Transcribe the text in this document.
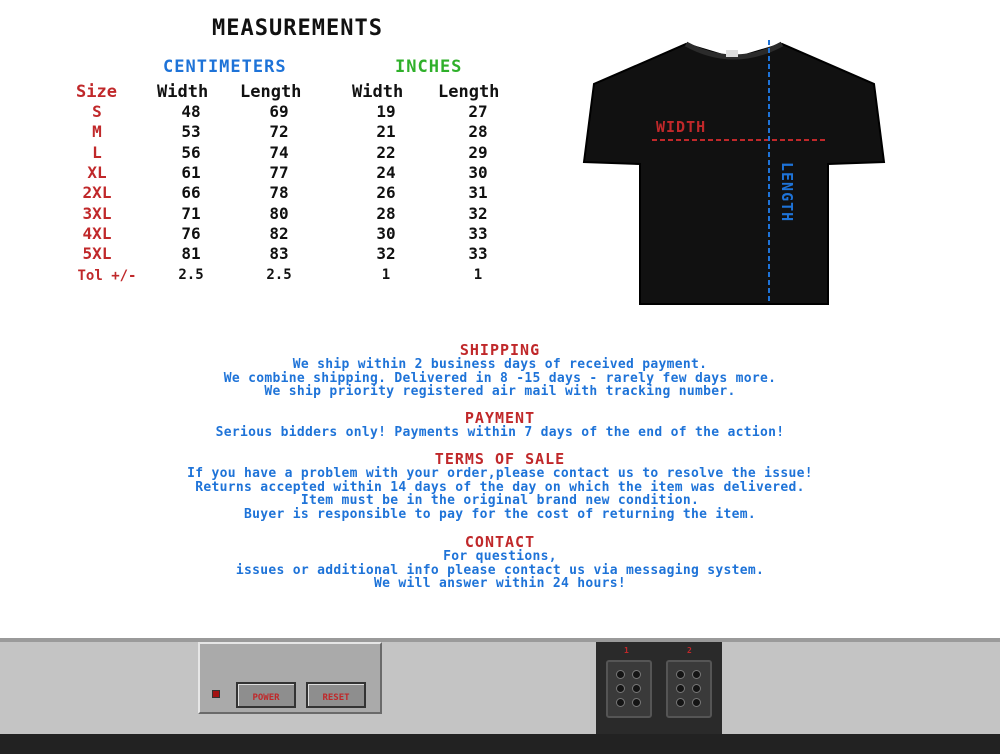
MEASUREMENTS
CENTIMETERS	INCHES
Size Width Length	Width Length
S	48	69	19	27
M	53	72	21	28
L	56	74	22	29
XL	61	77	24	30
2XL	66	78	26	31
3XL	71	80	28	32
4XL	76	82	30	33
5XL	81	83	32	33
Tol +/-	2.5	2.5	1	1
WIDTH
LENGTH
SHIPPING
We ship within 2 business days of received payment.
We combine shipping. Delivered in 8 -15 days - rarely few days more.
We ship priority registered air mail with tracking number.
PAYMENT
Serious bidders only! Payments within 7 days of the end of the action!
TERMS OF SALE
If you have a problem with your order,please contact us to resolve the issue!
Returns accepted within 14 days of the day on which the item was delivered.
Item must be in the original brand new condition.
Buyer is responsible to pay for the cost of returning the item.
CONTACT
For questions,
issues or additional info please contact us via messaging system.
We will answer within 24 hours!
POWER	RESET
1	2
